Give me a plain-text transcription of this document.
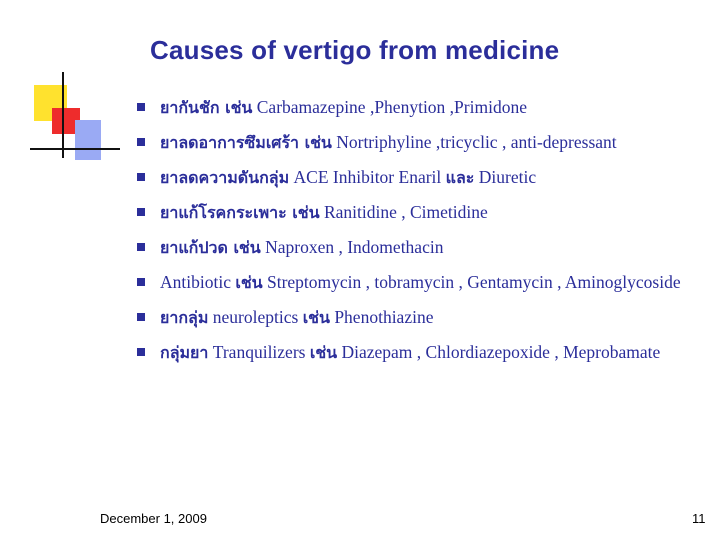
Causes of vertigo from medicine
ยากันชัก เช่น Carbamazepine ,Phenytion ,Primidone
ยาลดอาการซึมเศร้า เช่น Nortriphyline ,tricyclic , anti-depressant
ยาลดความดันกลุ่ม ACE Inhibitor Enaril และ Diuretic
ยาแก้โรคกระเพาะ เช่น Ranitidine , Cimetidine
ยาแก้ปวด เช่น Naproxen , Indomethacin
Antibiotic เช่น Streptomycin , tobramycin , Gentamycin , Aminoglycoside
ยากลุ่ม neuroleptics เช่น Phenothiazine
กลุ่มยา Tranquilizers เช่น Diazepam , Chlordiazepoxide , Meprobamate
December 1, 2009	11
